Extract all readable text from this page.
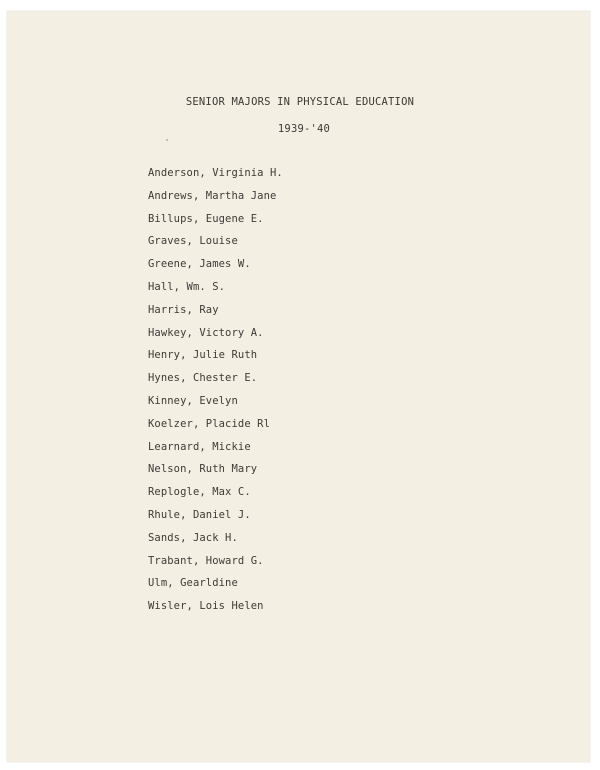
SENIOR MAJORS IN PHYSICAL EDUCATION
1939-'40
Anderson, Virginia H.
Andrews, Martha Jane
Billups, Eugene E.
Graves, Louise
Greene, James W.
Hall, Wm. S.
Harris, Ray
Hawkey, Victory A.
Henry, Julie Ruth
Hynes, Chester E.
Kinney, Evelyn
Koelzer, Placide Rl
Learnard, Mickie
Nelson, Ruth Mary
Replogle, Max C.
Rhule, Daniel J.
Sands, Jack H.
Trabant, Howard G.
Ulm, Gearldine
Wisler, Lois Helen
